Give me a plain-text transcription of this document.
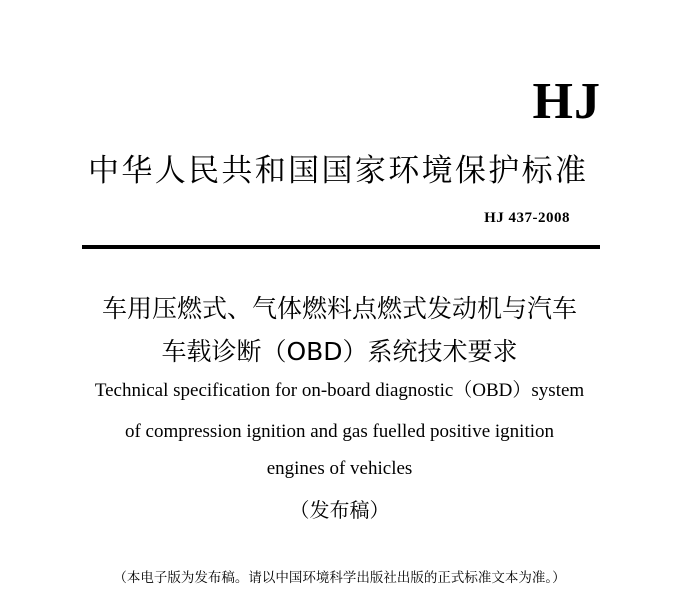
HJ
中华人民共和国国家环境保护标准
HJ 437-2008
车用压燃式、气体燃料点燃式发动机与汽车
车载诊断（OBD）系统技术要求
Technical specification for on-board diagnostic（OBD）system
of compression ignition and gas fuelled positive ignition
engines of vehicles
（发布稿）
（本电子版为发布稿。请以中国环境科学出版社出版的正式标准文本为准。）
